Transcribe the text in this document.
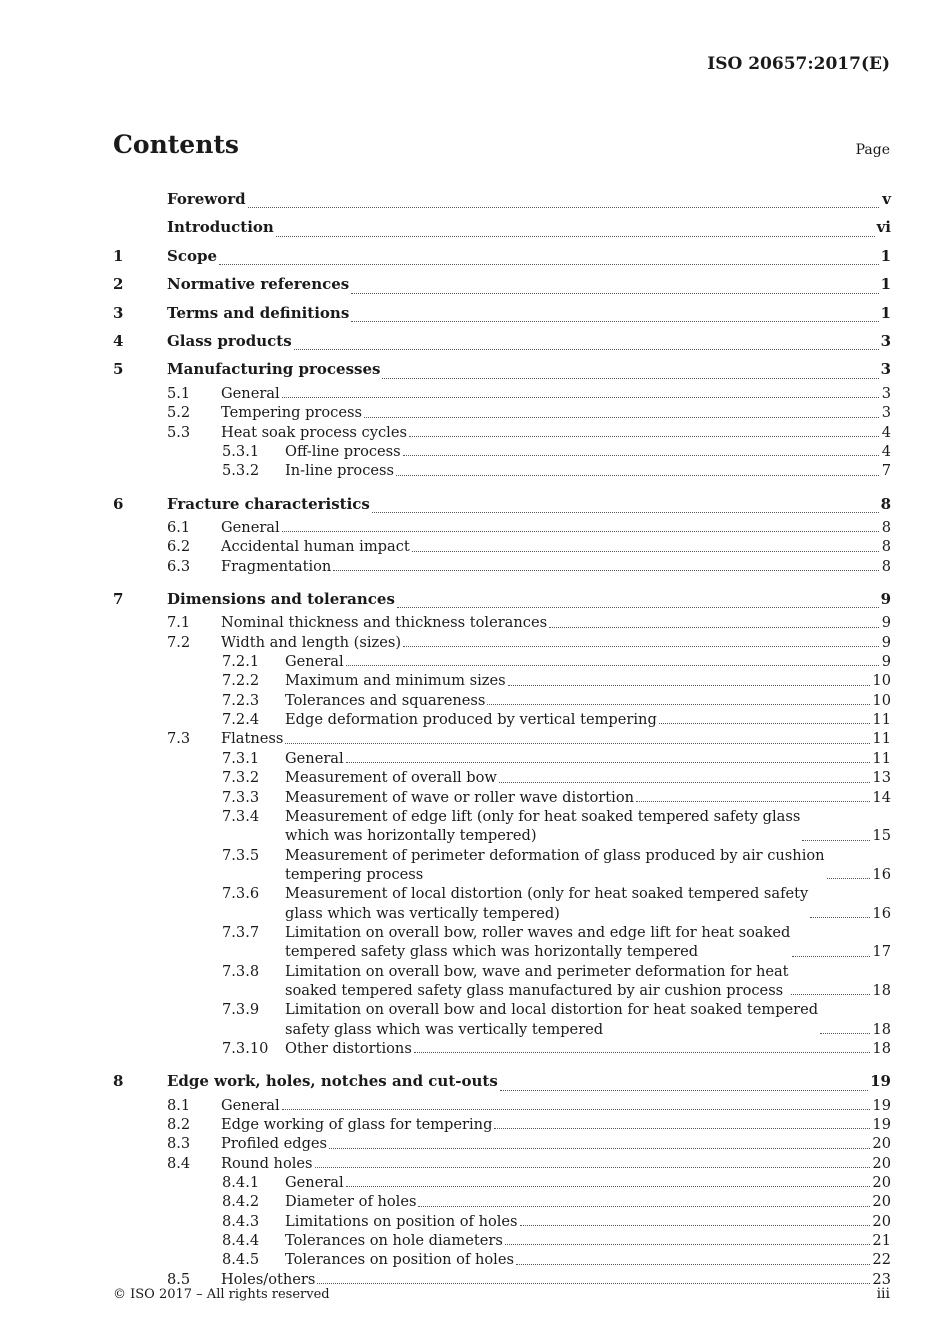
ISO 20657:2017(E)
Contents	Page
Foreword	v
Introduction	vi
1	Scope	1
2	Normative references	1
3	Terms and definitions	1
4	Glass products	3
5	Manufacturing processes	3
5.1	General	3
5.2	Tempering process	3
5.3	Heat soak process cycles	4
5.3.1	Off-line process	4
5.3.2	In-line process	7
6	Fracture characteristics	8
6.1	General	8
6.2	Accidental human impact	8
6.3	Fragmentation	8
7	Dimensions and tolerances	9
7.1	Nominal thickness and thickness tolerances	9
7.2	Width and length (sizes)	9
7.2.1	General	9
7.2.2	Maximum and minimum sizes	10
7.2.3	Tolerances and squareness	10
7.2.4	Edge deformation produced by vertical tempering	11
7.3	Flatness	11
7.3.1	General	11
7.3.2	Measurement of overall bow	13
7.3.3	Measurement of wave or roller wave distortion	14
7.3.4	Measurement of edge lift (only for heat soaked tempered safety glass
which was horizontally tempered)	15
7.3.5	Measurement of perimeter deformation of glass produced by air cushion
tempering process	16
7.3.6	Measurement of local distortion (only for heat soaked tempered safety
glass which was vertically tempered)	16
7.3.7	Limitation on overall bow, roller waves and edge lift for heat soaked
tempered safety glass which was horizontally tempered	17
7.3.8	Limitation on overall bow, wave and perimeter deformation for heat
soaked tempered safety glass manufactured by air cushion process	18
7.3.9	Limitation on overall bow and local distortion for heat soaked tempered
safety glass which was vertically tempered	18
7.3.10	Other distortions	18
8	Edge work, holes, notches and cut-outs	19
8.1	General	19
8.2	Edge working of glass for tempering	19
8.3	Profiled edges	20
8.4	Round holes	20
8.4.1	General	20
8.4.2	Diameter of holes	20
8.4.3	Limitations on position of holes	20
8.4.4	Tolerances on hole diameters	21
8.4.5	Tolerances on position of holes	22
8.5	Holes/others	23
© ISO 2017 – All rights reserved	iii
